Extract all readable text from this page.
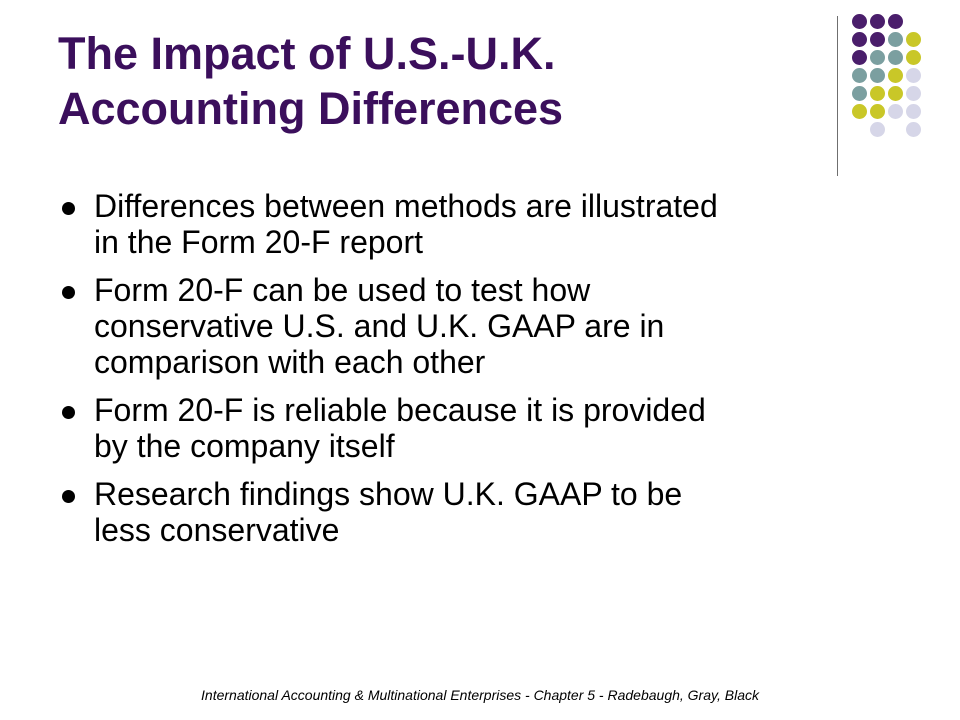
The Impact of U.S.-U.K.
Accounting Differences
Differences between methods are illustrated
in the Form 20-F report
Form 20-F can be used to test how
conservative U.S. and U.K. GAAP are in
comparison with each other
Form 20-F is reliable because it is provided
by the company itself
Research findings show U.K. GAAP to be
less conservative
International Accounting & Multinational Enterprises - Chapter 5 - Radebaugh, Gray, Black
